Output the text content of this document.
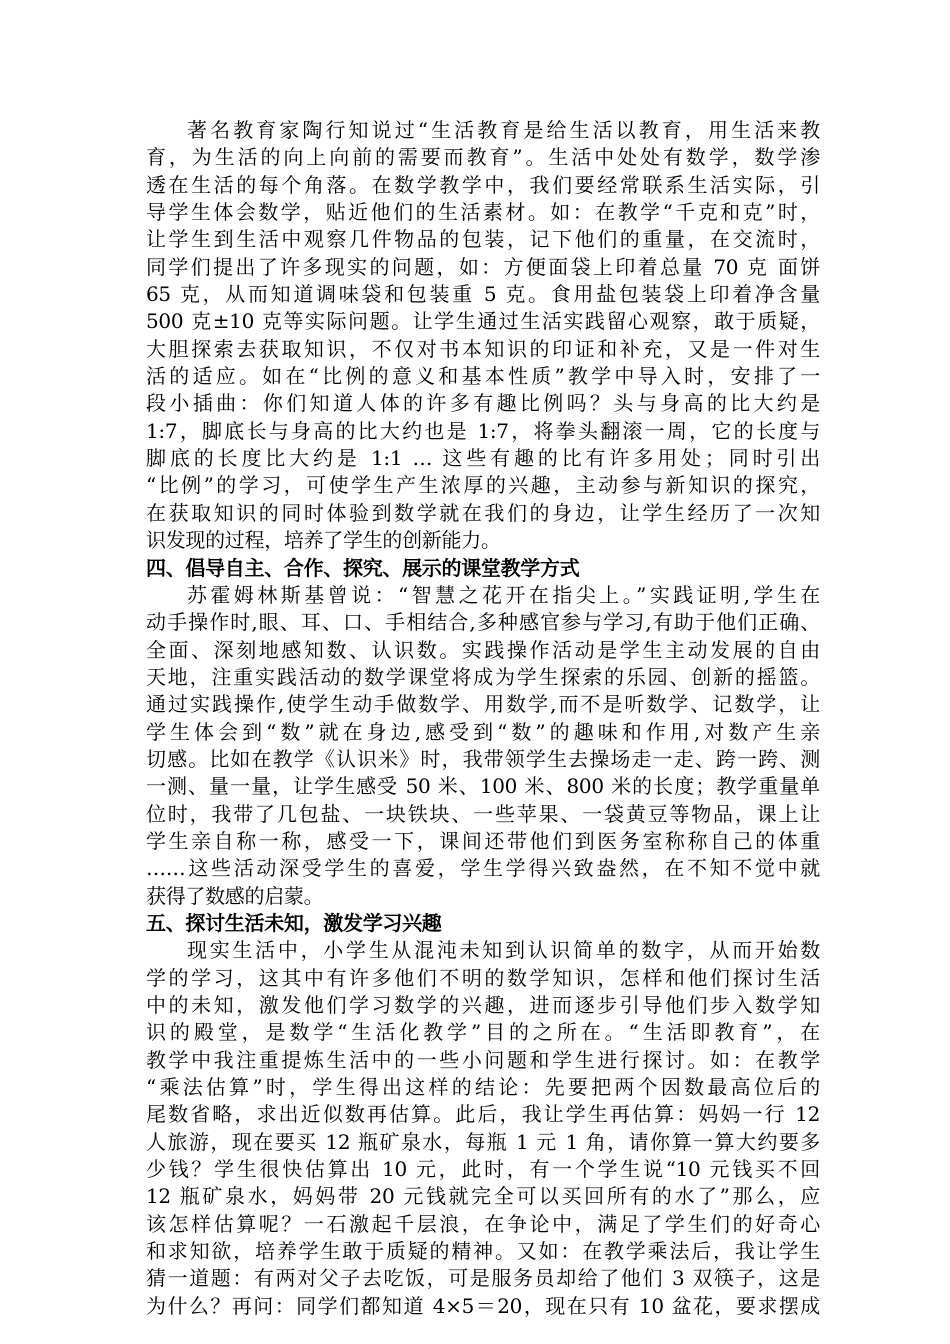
著名教育家陶行知说过“生活教育是给生活以教育，用生活来教
育，为生活的向上向前的需要而教育”。生活中处处有数学，数学渗
透在生活的每个角落。在数学教学中，我们要经常联系生活实际，引
导学生体会数学，贴近他们的生活素材。如：在教学“千克和克”时，
让学生到生活中观察几件物品的包装，记下他们的重量，在交流时，
同学们提出了许多现实的问题，如：方便面袋上印着总量 70 克 面饼
65 克，从而知道调味袋和包装重 5 克。食用盐包装袋上印着净含量
500 克±10 克等实际问题。让学生通过生活实践留心观察，敢于质疑，
大胆探索去获取知识，不仅对书本知识的印证和补充，又是一件对生
活的适应。如在“比例的意义和基本性质”教学中导入时，安排了一
段小插曲：你们知道人体的许多有趣比例吗？头与身高的比大约是
1:7，脚底长与身高的比大约也是 1:7，将拳头翻滚一周，它的长度与
脚底的长度比大约是 1:1 … 这些有趣的比有许多用处；同时引出
“比例”的学习，可使学生产生浓厚的兴趣，主动参与新知识的探究，
在获取知识的同时体验到数学就在我们的身边，让学生经历了一次知
识发现的过程，培养了学生的创新能力。
四、倡导自主、合作、探究、展示的课堂教学方式
苏霍姆林斯基曾说：“智慧之花开在指尖上。”实践证明,学生在
动手操作时,眼、耳、口、手相结合,多种感官参与学习,有助于他们正确、
全面、深刻地感知数、认识数。实践操作活动是学生主动发展的自由
天地，注重实践活动的数学课堂将成为学生探索的乐园、创新的摇篮。
通过实践操作,使学生动手做数学、用数学,而不是听数学、记数学，让
学生体会到“数”就在身边,感受到“数”的趣味和作用,对数产生亲
切感。比如在教学《认识米》时，我带领学生去操场走一走、跨一跨、测
一测、量一量，让学生感受 50 米、100 米、800 米的长度；教学重量单
位时，我带了几包盐、一块铁块、一些苹果、一袋黄豆等物品，课上让
学生亲自称一称，感受一下，课间还带他们到医务室称称自己的体重
……这些活动深受学生的喜爱，学生学得兴致盎然，在不知不觉中就
获得了数感的启蒙。
五、探讨生活未知，激发学习兴趣
现实生活中，小学生从混沌未知到认识简单的数字，从而开始数
学的学习，这其中有许多他们不明的数学知识，怎样和他们探讨生活
中的未知，激发他们学习数学的兴趣，进而逐步引导他们步入数学知
识的殿堂，是数学“生活化教学”目的之所在。“生活即教育”，在
教学中我注重提炼生活中的一些小问题和学生进行探讨。如：在教学
“乘法估算”时，学生得出这样的结论：先要把两个因数最高位后的
尾数省略，求出近似数再估算。此后，我让学生再估算：妈妈一行 12
人旅游，现在要买 12 瓶矿泉水，每瓶 1 元 1 角，请你算一算大约要多
少钱？学生很快估算出 10 元，此时，有一个学生说“10 元钱买不回
12 瓶矿泉水，妈妈带 20 元钱就完全可以买回所有的水了”那么，应
该怎样估算呢？一石激起千层浪，在争论中，满足了学生们的好奇心
和求知欲，培养学生敢于质疑的精神。又如：在教学乘法后，我让学生
猜一道题：有两对父子去吃饭，可是服务员却给了他们 3 双筷子，这是
为什么？再问：同学们都知道 4×5＝20，现在只有 10 盆花，要求摆成
